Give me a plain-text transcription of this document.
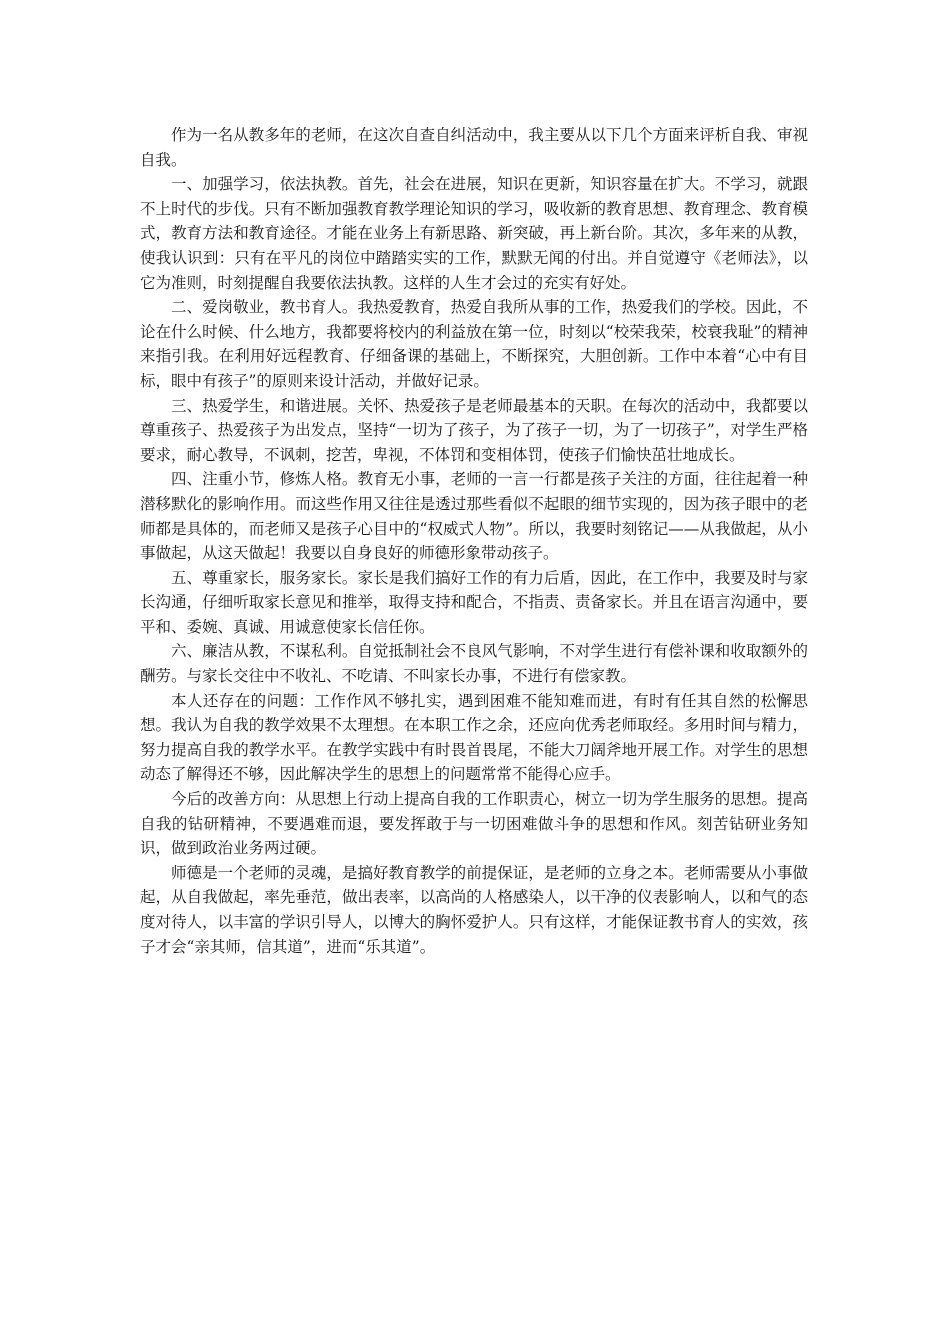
作为一名从教多年的老师，在这次自查自纠活动中，我主要从以下几个方面来评析自我、审视自我。

一、加强学习，依法执教。首先，社会在进展，知识在更新，知识容量在扩大。不学习，就跟不上时代的步伐。只有不断加强教育教学理论知识的学习，吸收新的教育思想、教育理念、教育模式，教育方法和教育途径。才能在业务上有新思路、新突破，再上新台阶。其次，多年来的从教，使我认识到：只有在平凡的岗位中踏踏实实的工作，默默无闻的付出。并自觉遵守《老师法》，以它为准则，时刻提醒自我要依法执教。这样的人生才会过的充实有好处。

二、爱岗敬业，教书育人。我热爱教育，热爱自我所从事的工作，热爱我们的学校。因此，不论在什么时候、什么地方，我都要将校内的利益放在第一位，时刻以“校荣我荣，校衰我耻”的精神来指引我。在利用好远程教育、仔细备课的基础上，不断探究，大胆创新。工作中本着“心中有目标，眼中有孩子”的原则来设计活动，并做好记录。

三、热爱学生，和谐进展。关怀、热爱孩子是老师最基本的天职。在每次的活动中，我都要以尊重孩子、热爱孩子为出发点，坚持“一切为了孩子，为了孩子一切，为了一切孩子”，对学生严格要求，耐心教导，不讽刺，挖苦，卑视，不体罚和变相体罚，使孩子们愉快茁壮地成长。

四、注重小节，修炼人格。教育无小事，老师的一言一行都是孩子关注的方面，往往起着一种潜移默化的影响作用。而这些作用又往往是透过那些看似不起眼的细节实现的，因为孩子眼中的老师都是具体的，而老师又是孩子心目中的“权威式人物”。所以，我要时刻铭记——从我做起，从小事做起，从这天做起！我要以自身良好的师德形象带动孩子。

五、尊重家长，服务家长。家长是我们搞好工作的有力后盾，因此，在工作中，我要及时与家长沟通，仔细听取家长意见和推举，取得支持和配合，不指责、责备家长。并且在语言沟通中，要平和、委婉、真诚、用诚意使家长信任你。

六、廉洁从教，不谋私利。自觉抵制社会不良风气影响，不对学生进行有偿补课和收取额外的酬劳。与家长交往中不收礼、不吃请、不叫家长办事，不进行有偿家教。

本人还存在的问题：工作作风不够扎实，遇到困难不能知难而进，有时有任其自然的松懈思想。我认为自我的教学效果不太理想。在本职工作之余，还应向优秀老师取经。多用时间与精力，努力提高自我的教学水平。在教学实践中有时畏首畏尾，不能大刀阔斧地开展工作。对学生的思想动态了解得还不够，因此解决学生的思想上的问题常常不能得心应手。

今后的改善方向：从思想上行动上提高自我的工作职责心，树立一切为学生服务的思想。提高自我的钻研精神，不要遇难而退，要发挥敢于与一切困难做斗争的思想和作风。刻苦钻研业务知识，做到政治业务两过硬。

师德是一个老师的灵魂，是搞好教育教学的前提保证，是老师的立身之本。老师需要从小事做起，从自我做起，率先垂范，做出表率，以高尚的人格感染人，以干净的仪表影响人，以和气的态度对待人，以丰富的学识引导人，以博大的胸怀爱护人。只有这样，才能保证教书育人的实效，孩子才会“亲其师，信其道”，进而“乐其道”。
